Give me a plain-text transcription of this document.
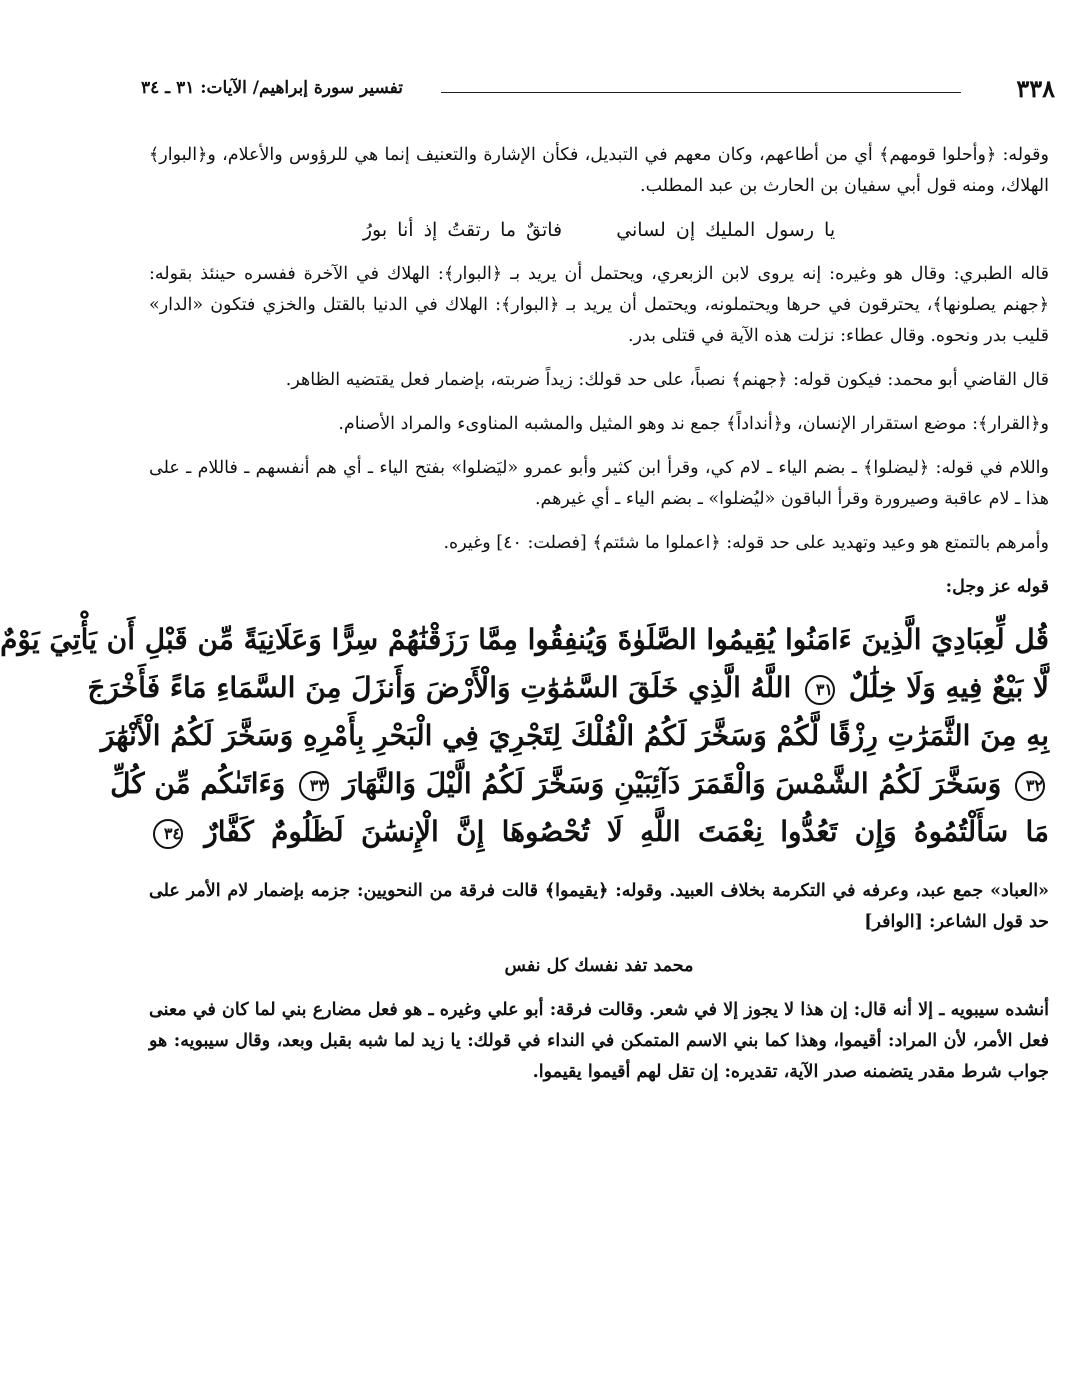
٣٣٨
تفسير سورة إبراهيم/ الآيات: ٣١ ـ ٣٤

وقوله: ﴿وأحلوا قومهم﴾ أي من أطاعهم، وكان معهم في التبديل، فكأن الإشارة والتعنيف إنما هي للرؤوس والأعلام، و﴿البوار﴾ الهلاك، ومنه قول أبي سفيان بن الحارث بن عبد المطلب.

يا رسول المليك إن لساني فاتقٌ ما رتقتُ إذ أنا بورُ

قاله الطبري: وقال هو وغيره: إنه يروى لابن الزبعري، ويحتمل أن يريد بـ ﴿البوار﴾: الهلاك في الآخرة ففسره حينئذ بقوله: ﴿جهنم يصلونها﴾، يحترقون في حرها ويحتملونه، ويحتمل أن يريد بـ ﴿البوار﴾: الهلاك في الدنيا بالقتل والخزي فتكون «الدار» قليب بدر ونحوه. وقال عطاء: نزلت هذه الآية في قتلى بدر.

قال القاضي أبو محمد: فيكون قوله: ﴿جهنم﴾ نصباً، على حد قولك: زيداً ضربته، بإضمار فعل يقتضيه الظاهر.

و﴿القرار﴾: موضع استقرار الإنسان، و﴿أنداداً﴾ جمع ند وهو المثيل والمشبه المناوىء والمراد الأصنام.

واللام في قوله: ﴿ليضلوا﴾ ـ بضم الياء ـ لام كي، وقرأ ابن كثير وأبو عمرو «ليَضلوا» بفتح الياء ـ أي هم أنفسهم ـ فاللام ـ على هذا ـ لام عاقبة وصيرورة وقرأ الباقون «ليُضلوا» ـ بضم الياء ـ أي غيرهم.

وأمرهم بالتمتع هو وعيد وتهديد على حد قوله: ﴿اعملوا ما شئتم﴾ [فصلت: ٤٠] وغيره.

قوله عز وجل:

قُل لِّعِبَادِيَ الَّذِينَ ءَامَنُوا يُقِيمُوا الصَّلَوٰةَ وَيُنفِقُوا مِمَّا رَزَقْنَٰهُمْ سِرًّا وَعَلَانِيَةً مِّن قَبْلِ أَن يَأْتِيَ يَوْمٌ
لَّا بَيْعٌ فِيهِ وَلَا خِلَٰلٌ ٣١ اللَّهُ الَّذِي خَلَقَ السَّمَٰوَٰتِ وَالْأَرْضَ وَأَنزَلَ مِنَ السَّمَاءِ مَاءً فَأَخْرَجَ
بِهِ مِنَ الثَّمَرَٰتِ رِزْقًا لَّكُمْ وَسَخَّرَ لَكُمُ الْفُلْكَ لِتَجْرِيَ فِي الْبَحْرِ بِأَمْرِهِ وَسَخَّرَ لَكُمُ الْأَنْهَٰرَ
٣٢ وَسَخَّرَ لَكُمُ الشَّمْسَ وَالْقَمَرَ دَآئِبَيْنِ وَسَخَّرَ لَكُمُ الَّيْلَ وَالنَّهَارَ ٣٣ وَءَاتَىٰكُم مِّن كُلِّ
مَا سَأَلْتُمُوهُ وَإِن تَعُدُّوا نِعْمَتَ اللَّهِ لَا تُحْصُوهَا إِنَّ الْإِنسَٰنَ لَظَلُومٌ كَفَّارٌ ٣٤

«العباد» جمع عبد، وعرفه في التكرمة بخلاف العبيد. وقوله: ﴿يقيموا﴾ قالت فرقة من النحويين: جزمه بإضمار لام الأمر على حد قول الشاعر: [الوافر]

محمد تفد نفسك كل نفس

أنشده سيبويه ـ إلا أنه قال: إن هذا لا يجوز إلا في شعر. وقالت فرقة: أبو علي وغيره ـ هو فعل مضارع بني لما كان في معنى فعل الأمر، لأن المراد: أقيموا، وهذا كما بني الاسم المتمكن في النداء في قولك: يا زيد لما شبه بقبل وبعد، وقال سيبويه: هو جواب شرط مقدر يتضمنه صدر الآية، تقديره: إن تقل لهم أقيموا يقيموا.
